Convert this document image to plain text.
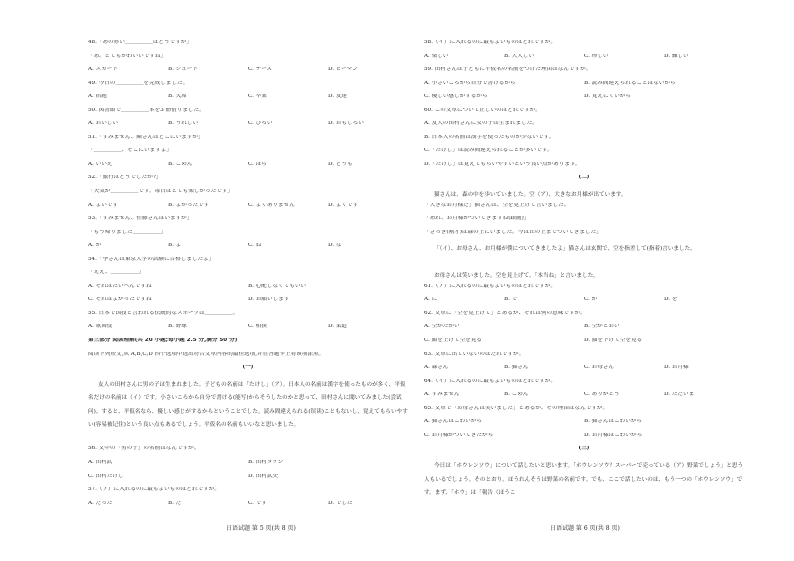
48.「あの赤い＿＿＿＿＿はどうですか」
「あ、とてもかわいいですね」
A. スカート	B. シュート	C. チーズ	D. ピーマン
49. 今日の＿＿＿＿＿を完成しました。
A. 宿題	B. 欠席	C. 卒業	D. 友達
50. 図書館で＿＿＿＿＿本を3 冊借りました。
A. おいしい	B. うれしい	C. ひろい	D. おもしろい
51.「すみません、陳さんはどこにいますか」
「＿＿＿＿＿、そこにいますよ」
A. いいえ	B. ごめん	C. ほら	D. どうも
52.「旅行はどうでしたか?」
「天気が＿＿＿＿＿です。毎日はとても楽しかったです」
A. よいです	B. よかったです	C. よくありません	D. よくです
53.「すみません、佐藤さんはいますか」
「もう帰りました＿＿＿＿＿」
A. か	B. よ	C. ね	D. な
54.「李さんは東京大学の試験に合格しましたよ」
「ええ、＿＿＿＿＿」
A. それはたいへんですね	B. 心配しなくてもいい
C. それはよかったですね	D. お願いします
55. 日本で国技と言われる伝統的なスポーツは＿＿＿＿＿。
A. 歌舞伎	B. 野球	C. 相撲	D. 柔道
第三部分 阅读理解(共 20 小题;每小题 2.5 分,满分 50 分)
阅读下列短文,从 A,B,C,D 四个选项中选出符合文章内容的最佳选项,并在答题卡上将该项涂黑。
(一)
友人の田村さんに男の子は生まれました。子どもの名前は「たけし」（ア）。日本人の名前は漢字を使ったものが多く、平仮名だけの名前は（イ）です。小さいころから自分で書ける(能写)からそうしたのかと思って、田村さんに聞いてみました(尝试问)。すると、平仮名なら、優しい感じがするからということでした。読み間違えられる(误读)こともないし、覚えてもらいやすい(容易被记住)という良い点もあるでしょう。平仮名の名前もいいなと思いました。
56. 文中の「男の子」の名前はなんですか。
A. 田村武	B. 田村タケシ
C. 田村たけし	D. 田村武史
57.（ア）に入れるのに最もよいものはどれですか。
A. だった	B. だ	C. です	D. でした
58.（イ）に入れるのに最もよいものはどれですか。
A. 楽しい	B. 大人しい	C. 珍しい	D. 難しい
59. 田村さんは子どもに平仮名の名前をつけた理由はなんですか。
A. 小さいころから自分で書けるから	B. 読み間違えられることはないから
C. 優しい感じがするから	D. 覚えにくいから
60. この文章について正しいのはどれですか。
A. 友人の田村さんに女の子は生まれました。
B. 日本人の名前は漢字を使ったものが少ないです。
C.「たけし」は読み間違えられることが多いです。
D.「たけし」は覚えてもらいやすいという良い点があります。
(二)
猫さんは、森の中を歩いていました。空（ア）、大きなお月様が出ています。
「大きなお月様だ」猫さんは、空を見上げて言いました。
「あれ、お月様がついてきますね(跟随)」
「さっき(刚才)は森の上にいました。今は丘の上までついてきました」
「（イ）、お母さん、お月様が僕についてきましたよ」猫さんは玄関で、空を指差して(指着)言いました。
お母さんは笑いました。空を見上げて、「本当ね」と言いました。
61.（ア）に入れるのに最もよいものはどれですか。
A. に	B. で	C. が	D. を
62. 文章に「空を見上げて」とあるが、それは何の意味ですか。
A. 空がたかい	B. 空がとおい
C. 顔を上げて空を見る	D. 顔を下げて空を見る
63. 文章に出ていないのはだれですか。
A. 森さん	B. 猫さん	C. お母さん	D. お月様
64.（イ）に入れるのに最もよいものはどれですか。
A. すみません	B. ごめん	C. ありがとう	D. ただいま
65. 文章で「お母さんは笑いました」とあるが、その理由はなんですか。
A. 猫さんはこわいから	B. 猫さんはこわいから
C. お月様がついてきたから	D. お月様はこわいから
(三)
今日は「ホウレンソウ」について話したいと思います。「ホウレンソウ？スーパーで売っている（ア）野菜でしょう」と思う人もいるでしょう。そのとおり。ほうれんそうは野菜の名前です。でも、ここで話したいのは、もう一つの「ホウレンソウ」です。まず、「ホウ」は「報告（ほうこ
日语试题 第 5 页(共 8 页)	日语试题 第 6 页(共 8 页)
